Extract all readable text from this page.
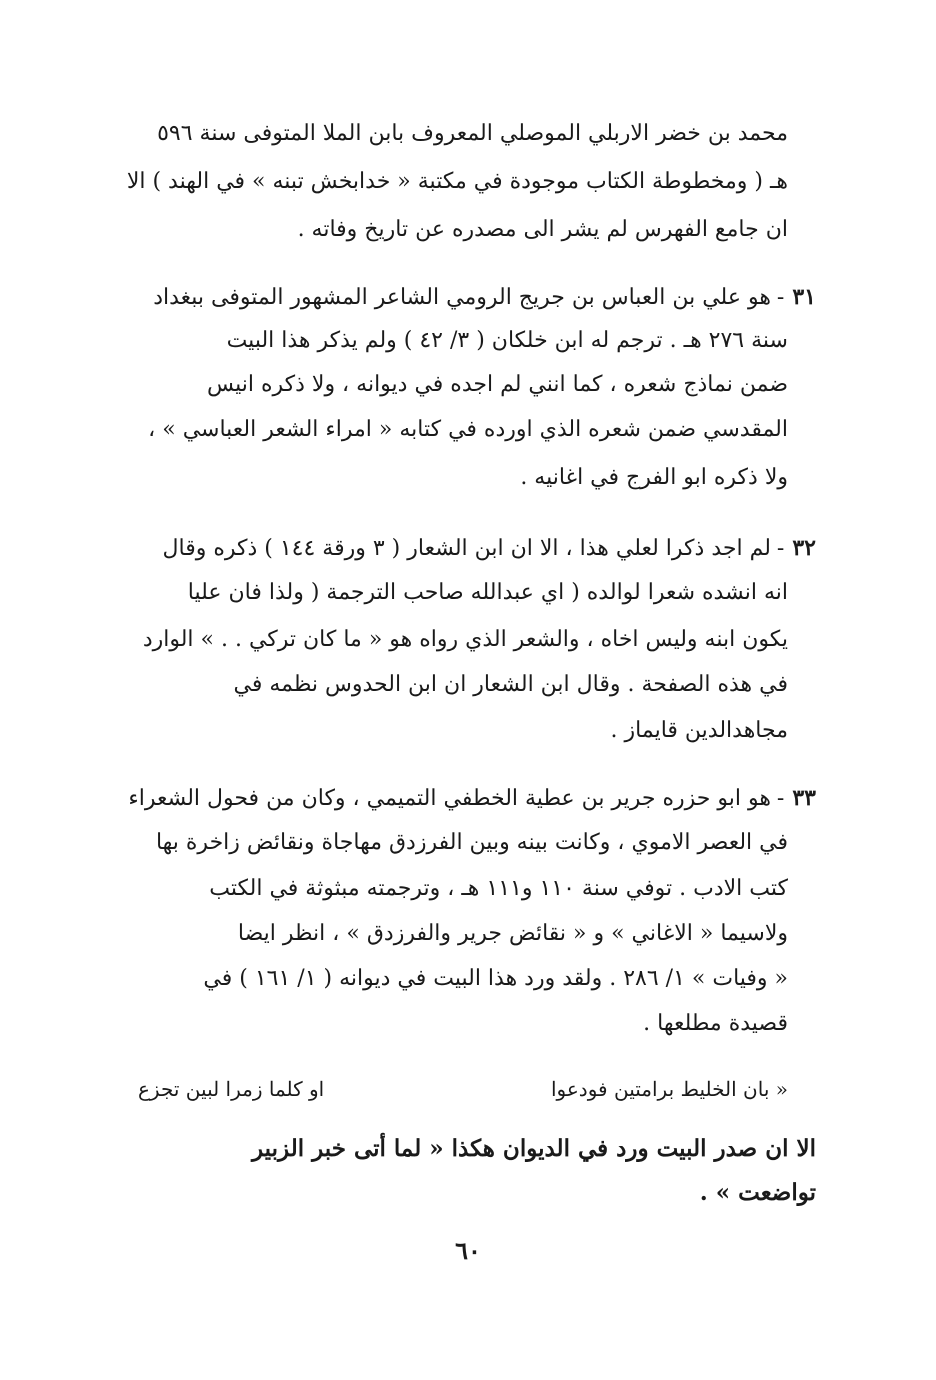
محمد بن خضر الاربلي الموصلي المعروف بابن الملا المتوفى سنة ٥٩٦
هـ ( ومخطوطة الكتاب موجودة في مكتبة « خدابخش تبنه » في الهند ) الا
ان جامع الفهرس لم يشر الى مصدره عن تاريخ وفاته .
٣١-هو علي بن العباس بن جريج الرومي الشاعر المشهور المتوفى ببغداد
سنة ٢٧٦ هـ . ترجم له ابن خلكان ( ٣/ ٤٢ ) ولم يذكر هذا البيت
ضمن نماذج شعره ، كما انني لم اجده في ديوانه ، ولا ذكره انيس
المقدسي ضمن شعره الذي اورده في كتابه « امراء الشعر العباسي » ،
ولا ذكره ابو الفرج في اغانيه .
٣٢-لم اجد ذكرا لعلي هذا ، الا ان ابن الشعار ( ٣ ورقة ١٤٤ ) ذكره وقال
انه انشده شعرا لوالده ( اي عبدالله صاحب الترجمة ( ولذا فان عليا
يكون ابنه وليس اخاه ، والشعر الذي رواه هو « ما كان تركي . . » الوارد
في هذه الصفحة . وقال ابن الشعار ان ابن الحدوس نظمه في
مجاهدالدين قايماز .
٣٣-هو ابو حزره جرير بن عطية الخطفي التميمي ، وكان من فحول الشعراء
في العصر الاموي ، وكانت بينه وبين الفرزدق مهاجاة ونقائض زاخرة بها
كتب الادب . توفي سنة ١١٠ و١١١ هـ ، وترجمته مبثوثة في الكتب
ولاسيما « الاغاني » و « نقائض جرير والفرزدق » ، انظر ايضا
« وفيات » ١/ ٢٨٦ . ولقد ورد هذا البيت في ديوانه ( ١/ ١٦١ ) في
قصيدة مطلعها .
« بان الخليط برامتين فودعوا
او كلما زمرا لبين تجزع
الا ان صدر البيت ورد في الديوان هكذا « لما أتى خبر الزبير
تواضعت » .
٦٠
